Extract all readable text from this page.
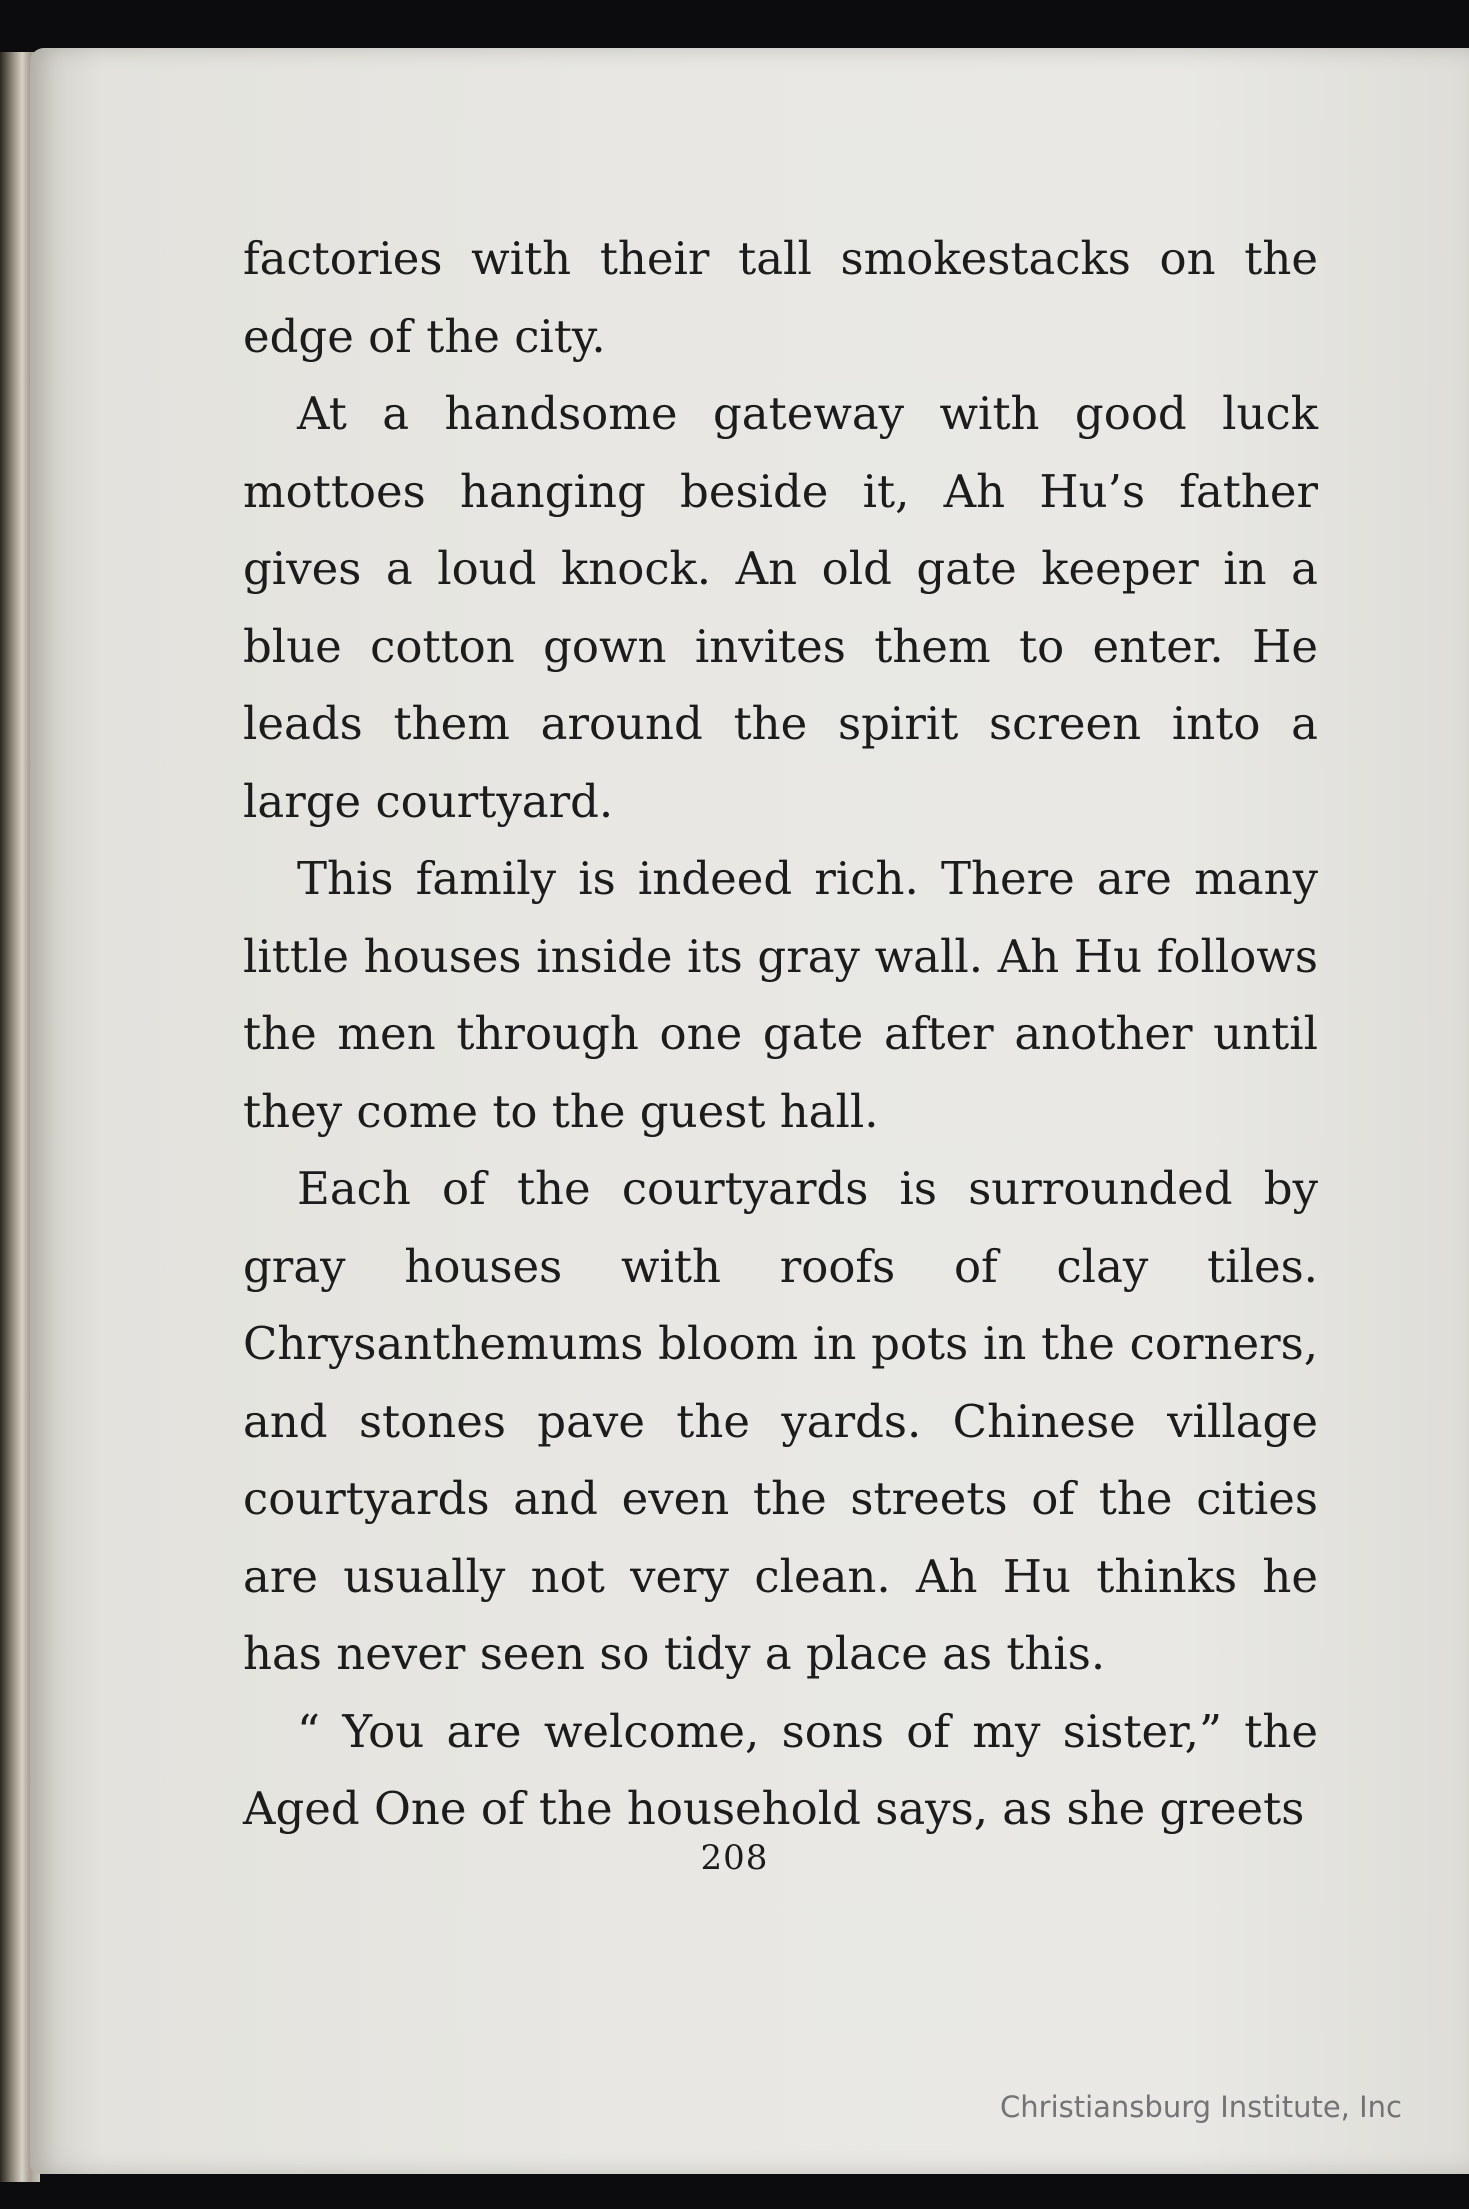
factories with their tall smokestacks on the edge of the city.

At a handsome gateway with good luck mottoes hanging beside it, Ah Hu’s father gives a loud knock. An old gate keeper in a blue cotton gown invites them to enter. He leads them around the spirit screen into a large courtyard.

This family is indeed rich. There are many little houses inside its gray wall. Ah Hu follows the men through one gate after another until they come to the guest hall.

Each of the courtyards is surrounded by gray houses with roofs of clay tiles. Chrysanthemums bloom in pots in the corners, and stones pave the yards. Chinese village courtyards and even the streets of the cities are usually not very clean. Ah Hu thinks he has never seen so tidy a place as this.

“ You are welcome, sons of my sister,” the Aged One of the household says, as she greets

208
Christiansburg Institute, Inc
